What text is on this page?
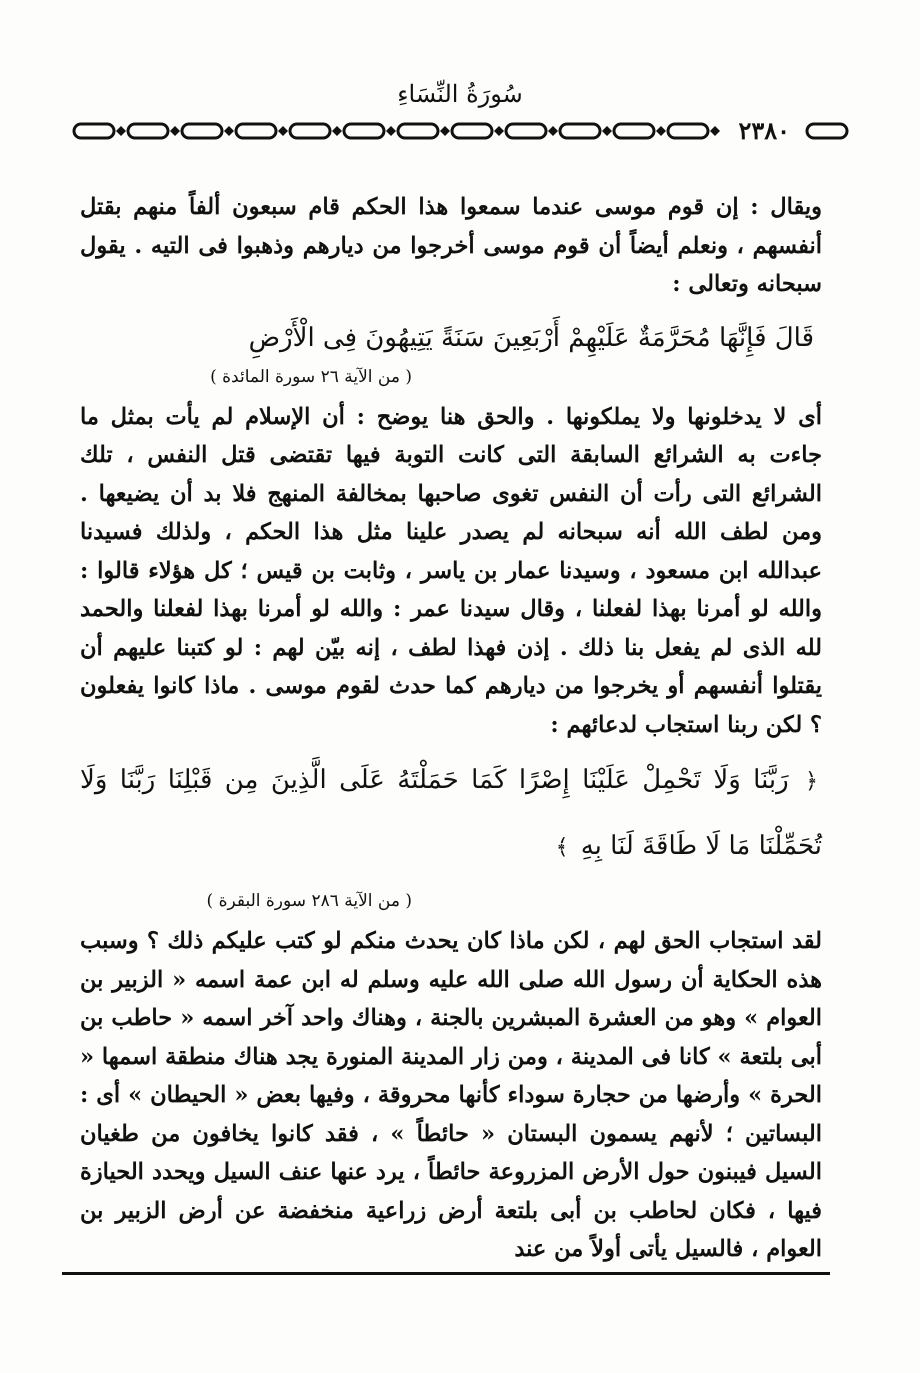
سُورَةُ النِّسَاءِ
٢٣٨٠

ويقال : إن قوم موسى عندما سمعوا هذا الحكم قام سبعون ألفاً منهم بقتل أنفسهم ، ونعلم أيضاً أن قوم موسى أخرجوا من ديارهم وذهبوا فى التيه . يقول سبحانه وتعالى :

قَالَ فَإِنَّهَا مُحَرَّمَةٌ عَلَيْهِمْ أَرْبَعِينَ سَنَةً يَتِيهُونَ فِى الْأَرْضِ

( من الآية ٢٦ سورة المائدة )

أى لا يدخلونها ولا يملكونها . والحق هنا يوضح : أن الإسلام لم يأت بمثل ما جاءت به الشرائع السابقة التى كانت التوبة فيها تقتضى قتل النفس ، تلك الشرائع التى رأت أن النفس تغوى صاحبها بمخالفة المنهج فلا بد أن يضيعها . ومن لطف الله أنه سبحانه لم يصدر علينا مثل هذا الحكم ، ولذلك فسيدنا عبدالله ابن مسعود ، وسيدنا عمار بن ياسر ، وثابت بن قيس ؛ كل هؤلاء قالوا : والله لو أمرنا بهذا لفعلنا ، وقال سيدنا عمر : والله لو أمرنا بهذا لفعلنا والحمد لله الذى لم يفعل بنا ذلك . إذن فهذا لطف ، إنه بيّن لهم : لو كتبنا عليهم أن يقتلوا أنفسهم أو يخرجوا من ديارهم كما حدث لقوم موسى . ماذا كانوا يفعلون ؟ لكن ربنا استجاب لدعائهم :

﴿ رَبَّنَا وَلَا تَحْمِلْ عَلَيْنَا إِصْرًا كَمَا حَمَلْتَهُ عَلَى الَّذِينَ مِن قَبْلِنَا رَبَّنَا وَلَا تُحَمِّلْنَا مَا لَا طَاقَةَ لَنَا بِهِ ﴾

( من الآية ٢٨٦ سورة البقرة )

لقد استجاب الحق لهم ، لكن ماذا كان يحدث منكم لو كتب عليكم ذلك ؟ وسبب هذه الحكاية أن رسول الله صلى الله عليه وسلم له ابن عمة اسمه « الزبير بن العوام » وهو من العشرة المبشرين بالجنة ، وهناك واحد آخر اسمه « حاطب بن أبى بلتعة » كانا فى المدينة ، ومن زار المدينة المنورة يجد هناك منطقة اسمها « الحرة » وأرضها من حجارة سوداء كأنها محروقة ، وفيها بعض « الحيطان » أى : البساتين ؛ لأنهم يسمون البستان « حائطاً » ، فقد كانوا يخافون من طغيان السيل فيبنون حول الأرض المزروعة حائطاً ، يرد عنها عنف السيل ويحدد الحيازة فيها ، فكان لحاطب بن أبى بلتعة أرض زراعية منخفضة عن أرض الزبير بن العوام ، فالسيل يأتى أولاً من عند
